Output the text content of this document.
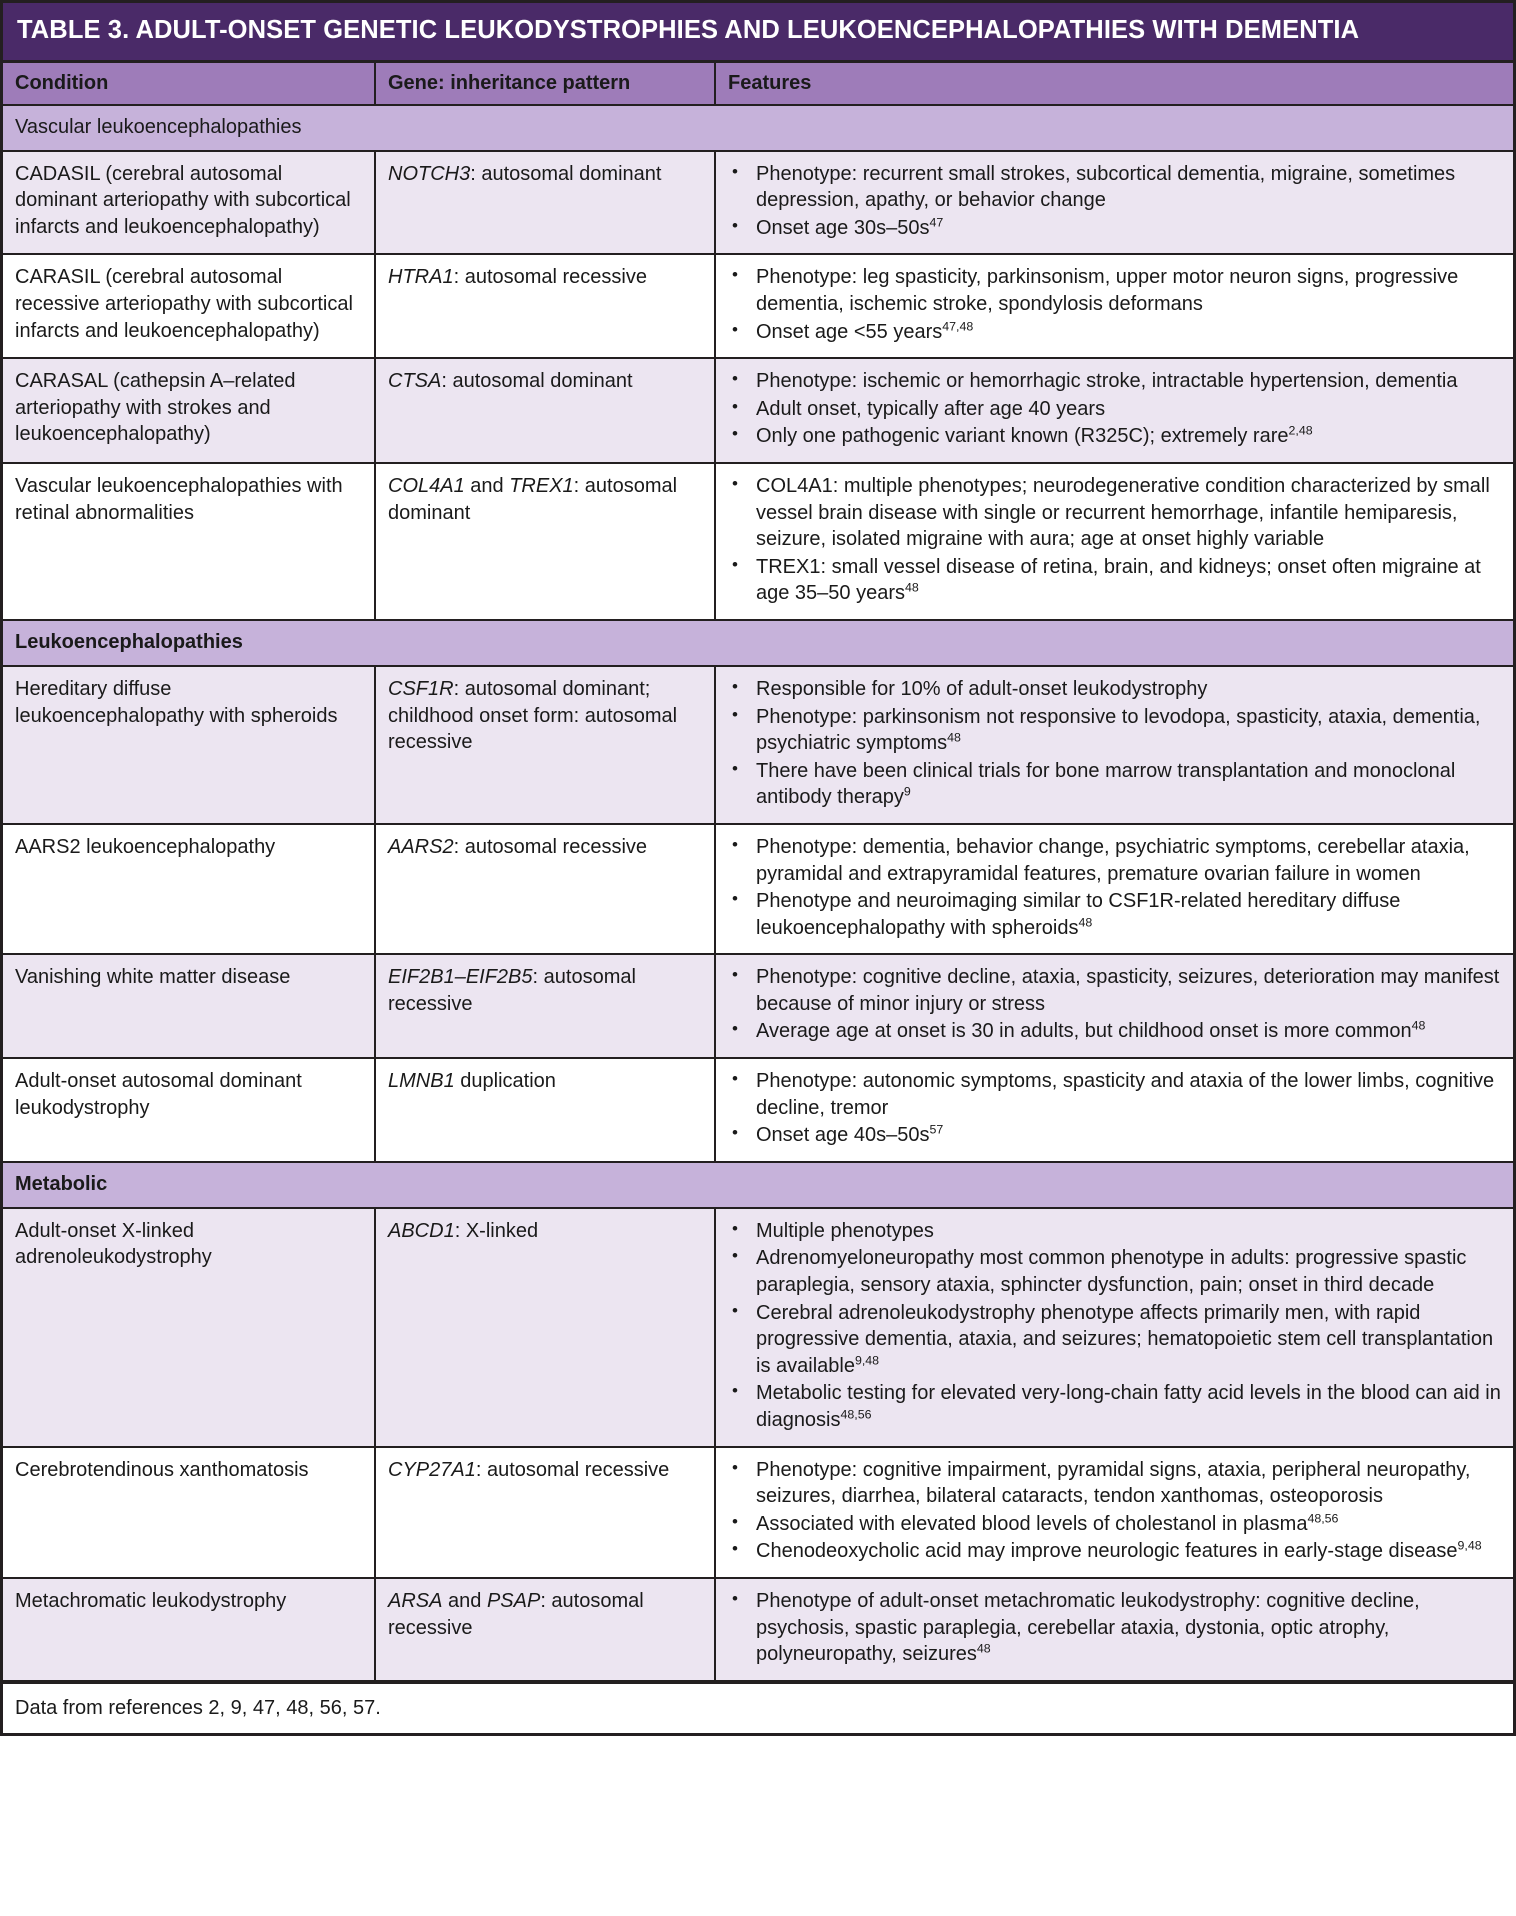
TABLE 3. ADULT-ONSET GENETIC LEUKODYSTROPHIES AND LEUKOENCEPHALOPATHIES WITH DEMENTIA
Condition	Gene: inheritance pattern	Features
Vascular leukoencephalopathies		
CADASIL (cerebral autosomal dominant arteriopathy with subcortical infarcts and leukoencephalopathy)	NOTCH3: autosomal dominant	
•Phenotype: recurrent small strokes, subcortical dementia, migraine, sometimes depression, apathy, or behavior change
• Onset age $30s-50s^{47}$

CARASIL (cerebral autosomal recessive arteriopathy with subcortical infarcts and leukoencephalopathy)	HTRA1: autosomal recessive	
•Phenotype: leg spasticity, parkinsonism, upper motor neuron signs, progressive dementia, ischemic stroke, spondylosis deformans
• Onset age <55 years$^{47,48}$

CARASAL (cathepsin A–related arteriopathy with strokes and leukoencephalopathy)	CTSA: autosomal dominant	
•Phenotype: ischemic or hemorrhagic stroke, intractable hypertension, dementia
• Adult onset, typically after age 40 years
• Only one pathogenic variant known (R325C); extremely rare$^{2,48}$

Vascular leukoencephalopathies with retinal abnormalities	COL4A1 and TREX1: autosomal dominant	
• COL4A1: multiple phenotypes; neurodegenerative condition characterized by small vessel brain disease with single or recurrent hemorrhage, infantile hemiparesis, seizure, isolated migraine with aura; age at onset highly variable
• TREX1: small vessel disease of retina, brain, and kidneys; onset often migraine at age 35–50 years$^{48}$

Leukoencephalopathies		
Hereditary diffuse leukoencephalopathy with spheroids	CSF1R: autosomal dominant; childhood onset form: autosomal recessive	
• Responsible for 10% of adult-onset leukodystrophy
• Phenotype: parkinsonism not responsive to levodopa, spasticity, ataxia, dementia, psychiatric symptoms$^{48}$
• There have been clinical trials for bone marrow transplantation and monoclonal antibody therapy$^9$

AARS2 leukoencephalopathy	AARS2: autosomal recessive	
•Phenotype: dementia, behavior change, psychiatric symptoms, cerebellar ataxia, pyramidal and extrapyramidal features, premature ovarian failure in women
• Phenotype and neuroimaging similar to CSF1R-related hereditary diffuse leukoencephalopathy with spheroids$^{48}$

Vanishing white matter disease	EIF2B1–EIF2B5: autosomal recessive	
• Phenotype: cognitive decline, ataxia, spasticity, seizures, deterioration may manifest because of minor injury or stress
• Average age at onset is 30 in adults, but childhood onset is more common$^{48}$

Adult-onset autosomal dominant leukodystrophy	LMNB1 duplication	
•Phenotype: autonomic symptoms, spasticity and ataxia of the lower limbs, cognitive decline, tremor
• Onset age $40s-50s^{57}$

Metabolic		
Adult-onset X-linked adrenoleukodystrophy	ABCD1: X-linked	
•Multiple phenotypes
• Adrenomyeloneuropathy most common phenotype in adults: progressive spastic paraplegia, sensory ataxia, sphincter dysfunction, pain; onset in third decade
• Cerebral adrenoleukodystrophy phenotype affects primarily men, with rapid progressive dementia, ataxia, and seizures; hematopoietic stem cell transplantation is available$^{9,48}$
• Metabolic testing for elevated very-long-chain fatty acid levels in the blood can aid in diagnosis$^{48,56}$

Cerebrotendinous xanthomatosis	CYP27A1: autosomal recessive	
•Phenotype: cognitive impairment, pyramidal signs, ataxia, peripheral neuropathy, seizures, diarrhea, bilateral cataracts, tendon xanthomas, osteoporosis
• Associated with elevated blood levels of cholestanol in plasma$^{48,56}$
• Chenodeoxycholic acid may improve neurologic features in early-stage disease$^{9,48}$

Metachromatic leukodystrophy	ARSA and PSAP: autosomal recessive	
• Phenotype of adult-onset metachromatic leukodystrophy: cognitive decline, psychosis, spastic paraplegia, cerebellar ataxia, dystonia, optic atrophy, polyneuropathy, seizures$^{48}$
Data from references 2, 9, 47, 48, 56, 57.
